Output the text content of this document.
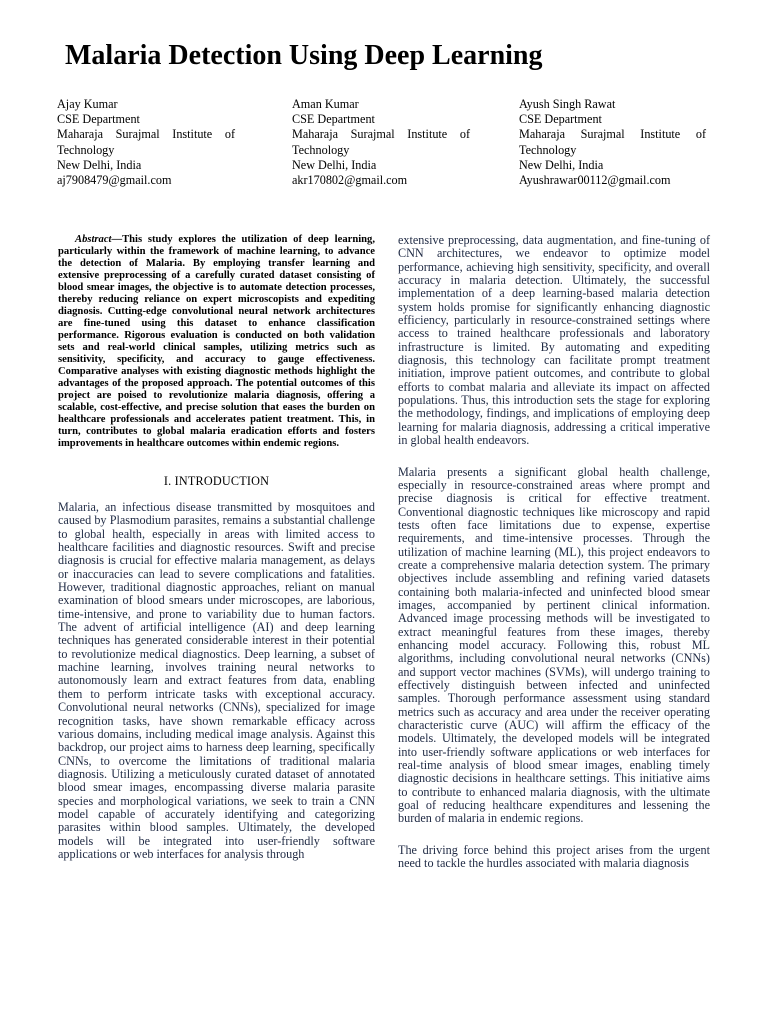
Malaria Detection Using Deep Learning
Ajay Kumar
CSE Department
Maharaja Surajmal Institute of Technology
New Delhi, India
aj7908479@gmail.com
Aman Kumar
CSE Department
Maharaja Surajmal Institute of Technology
New Delhi, India
akr170802@gmail.com
Ayush Singh Rawat
CSE Department
Maharaja Surajmal Institute of Technology
New Delhi, India
Ayushrawar00112@gmail.com

Abstract—This study explores the utilization of deep learning, particularly within the framework of machine learning, to advance the detection of Malaria. By employing transfer learning and extensive preprocessing of a carefully curated dataset consisting of blood smear images, the objective is to automate detection processes, thereby reducing reliance on expert microscopists and expediting diagnosis. Cutting-edge convolutional neural network architectures are fine-tuned using this dataset to enhance classification performance. Rigorous evaluation is conducted on both validation sets and real-world clinical samples, utilizing metrics such as sensitivity, specificity, and accuracy to gauge effectiveness. Comparative analyses with existing diagnostic methods highlight the advantages of the proposed approach. The potential outcomes of this project are poised to revolutionize malaria diagnosis, offering a scalable, cost-effective, and precise solution that eases the burden on healthcare professionals and accelerates patient treatment. This, in turn, contributes to global malaria eradication efforts and fosters improvements in healthcare outcomes within endemic regions.

I. INTRODUCTION

Malaria, an infectious disease transmitted by mosquitoes and caused by Plasmodium parasites, remains a substantial challenge to global health, especially in areas with limited access to healthcare facilities and diagnostic resources. Swift and precise diagnosis is crucial for effective malaria management, as delays or inaccuracies can lead to severe complications and fatalities. However, traditional diagnostic approaches, reliant on manual examination of blood smears under microscopes, are laborious, time-intensive, and prone to variability due to human factors. The advent of artificial intelligence (AI) and deep learning techniques has generated considerable interest in their potential to revolutionize medical diagnostics. Deep learning, a subset of machine learning, involves training neural networks to autonomously learn and extract features from data, enabling them to perform intricate tasks with exceptional accuracy. Convolutional neural networks (CNNs), specialized for image recognition tasks, have shown remarkable efficacy across various domains, including medical image analysis. Against this backdrop, our project aims to harness deep learning, specifically CNNs, to overcome the limitations of traditional malaria diagnosis. Utilizing a meticulously curated dataset of annotated blood smear images, encompassing diverse malaria parasite species and morphological variations, we seek to train a CNN model capable of accurately identifying and categorizing parasites within blood samples. Ultimately, the developed models will be integrated into user-friendly software applications or web interfaces for analysis through

extensive preprocessing, data augmentation, and fine-tuning of CNN architectures, we endeavor to optimize model performance, achieving high sensitivity, specificity, and overall accuracy in malaria detection. Ultimately, the successful implementation of a deep learning-based malaria detection system holds promise for significantly enhancing diagnostic efficiency, particularly in resource-constrained settings where access to trained healthcare professionals and laboratory infrastructure is limited. By automating and expediting diagnosis, this technology can facilitate prompt treatment initiation, improve patient outcomes, and contribute to global efforts to combat malaria and alleviate its impact on affected populations. Thus, this introduction sets the stage for exploring the methodology, findings, and implications of employing deep learning for malaria diagnosis, addressing a critical imperative in global health endeavors.

Malaria presents a significant global health challenge, especially in resource-constrained areas where prompt and precise diagnosis is critical for effective treatment. Conventional diagnostic techniques like microscopy and rapid tests often face limitations due to expense, expertise requirements, and time-intensive processes. Through the utilization of machine learning (ML), this project endeavors to create a comprehensive malaria detection system. The primary objectives include assembling and refining varied datasets containing both malaria-infected and uninfected blood smear images, accompanied by pertinent clinical information. Advanced image processing methods will be investigated to extract meaningful features from these images, thereby enhancing model accuracy. Following this, robust ML algorithms, including convolutional neural networks (CNNs) and support vector machines (SVMs), will undergo training to effectively distinguish between infected and uninfected samples. Thorough performance assessment using standard metrics such as accuracy and area under the receiver operating characteristic curve (AUC) will affirm the efficacy of the models. Ultimately, the developed models will be integrated into user-friendly software applications or web interfaces for real-time analysis of blood smear images, enabling timely diagnostic decisions in healthcare settings. This initiative aims to contribute to enhanced malaria diagnosis, with the ultimate goal of reducing healthcare expenditures and lessening the burden of malaria in endemic regions.

The driving force behind this project arises from the urgent need to tackle the hurdles associated with malaria diagnosis
